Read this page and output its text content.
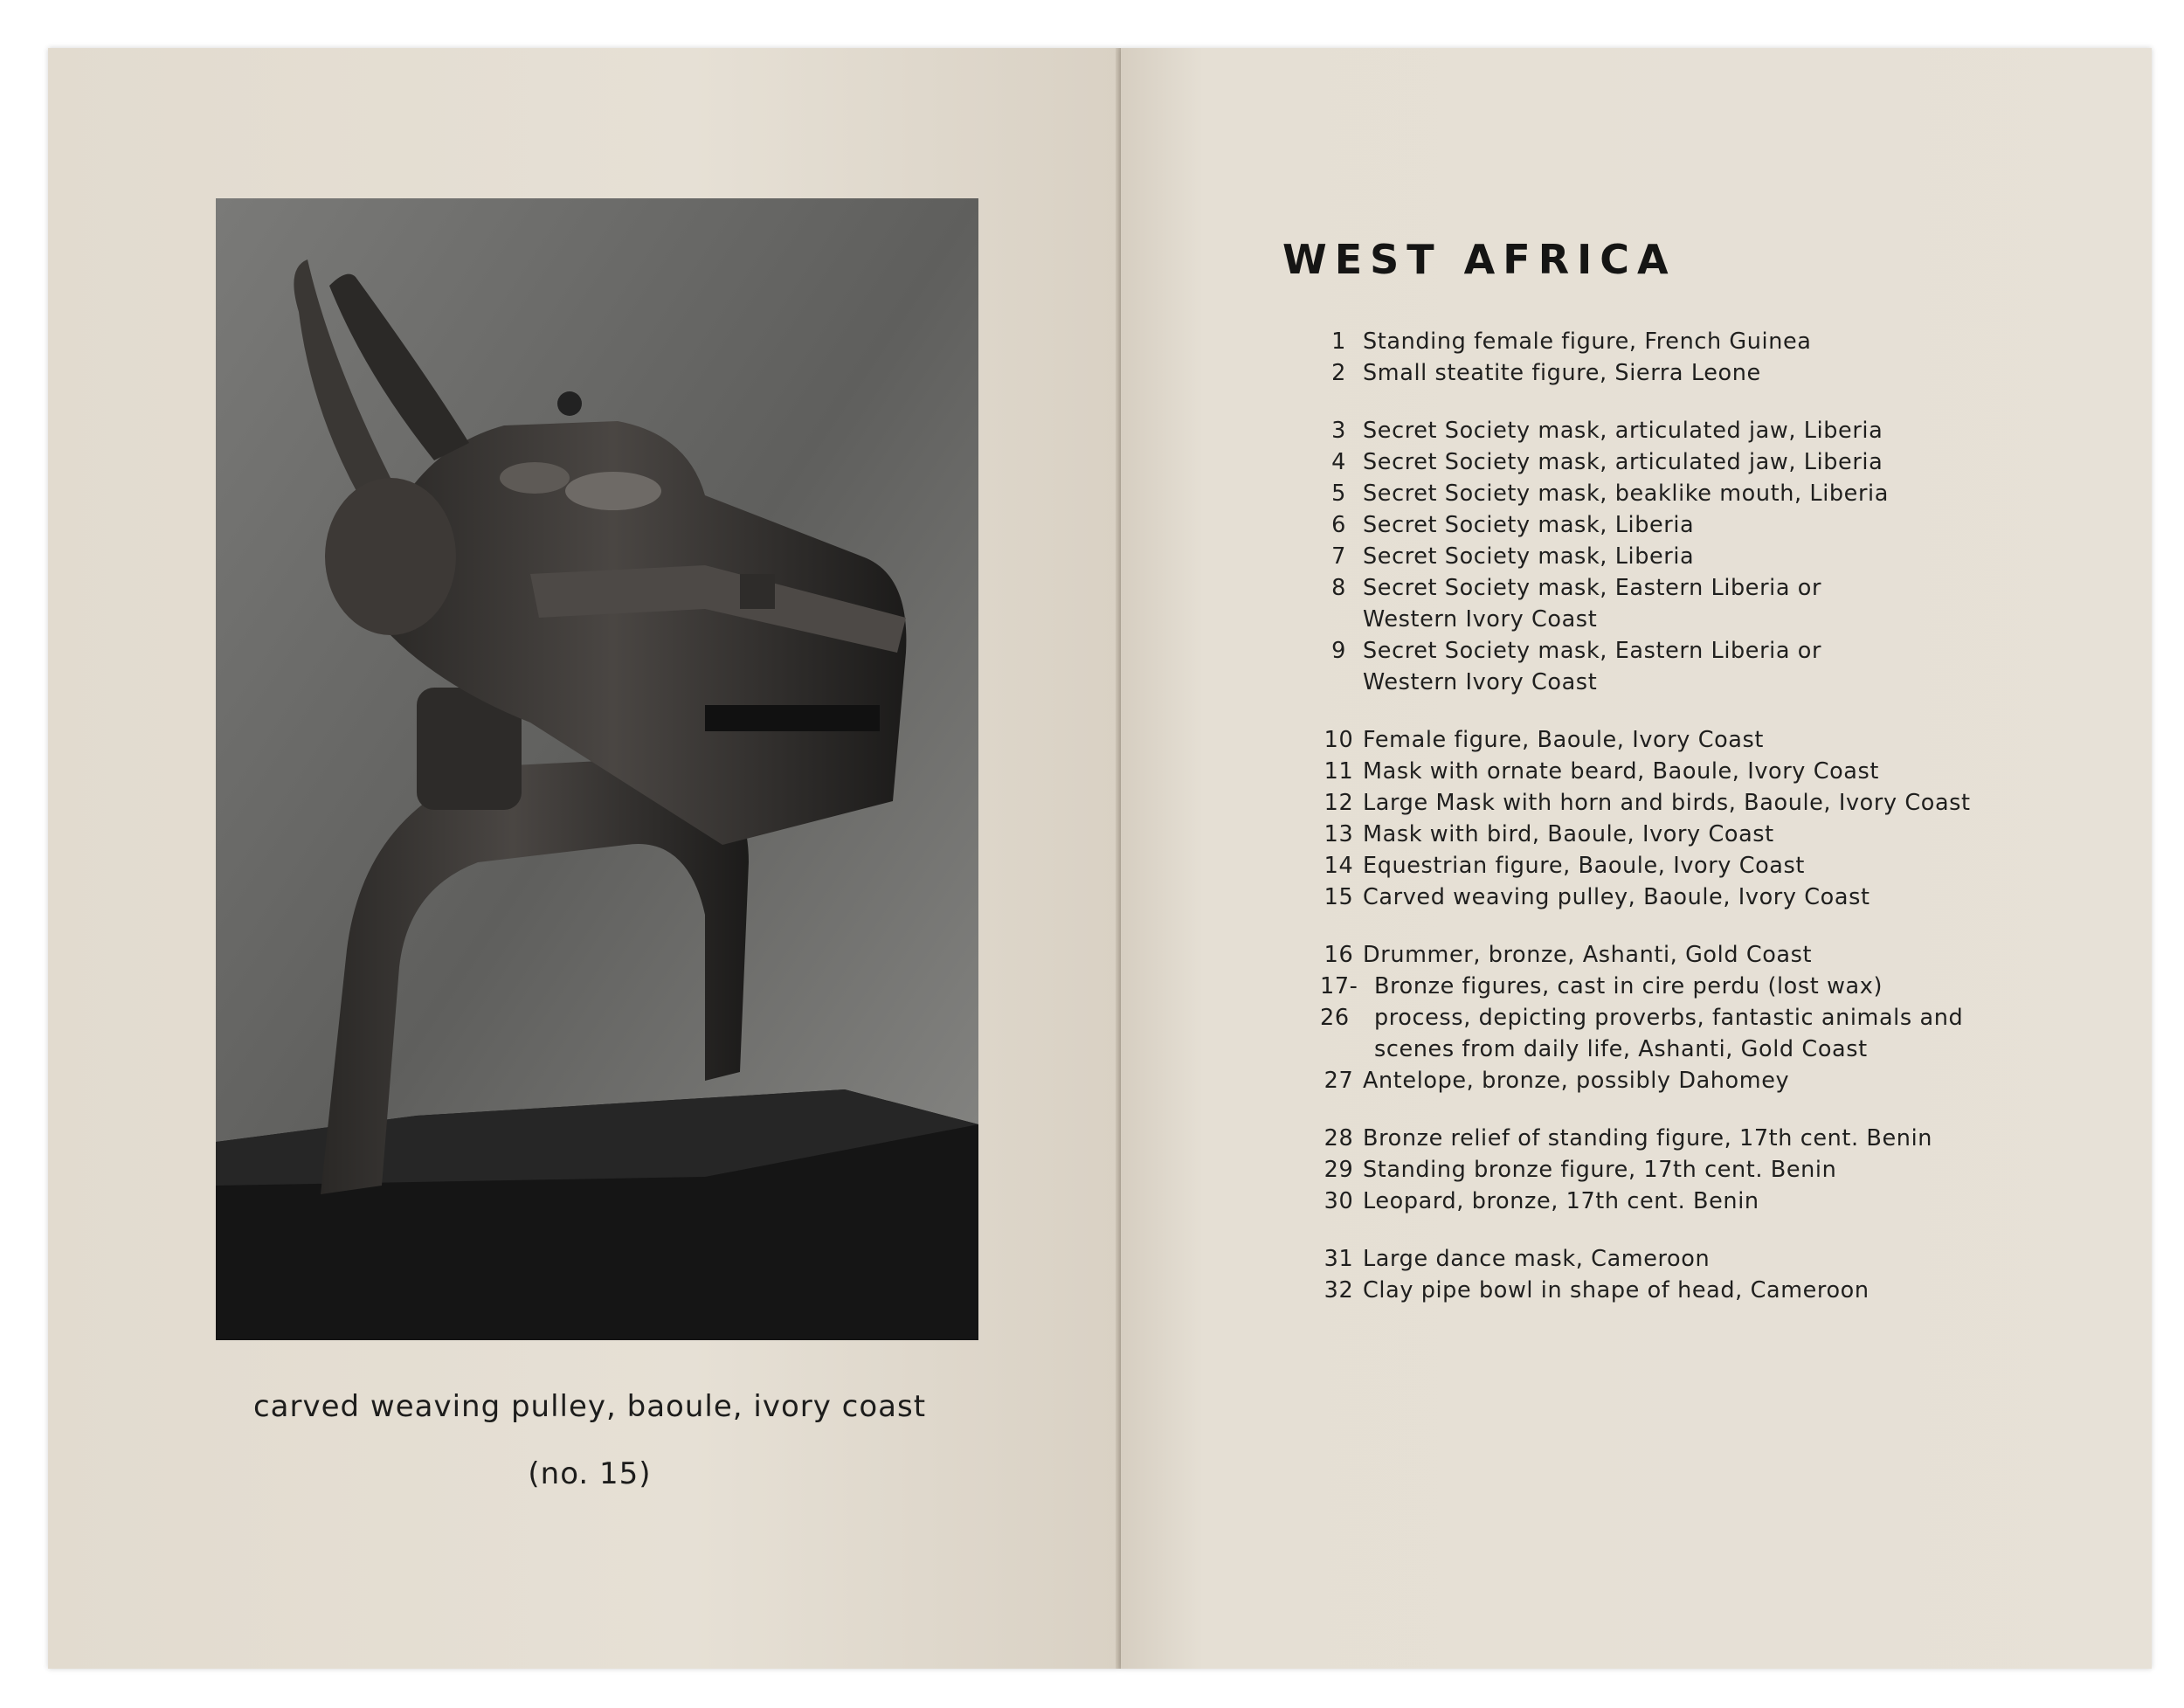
carved weaving pulley, baoule, ivory coast
(no. 15)
WEST AFRICA
1 Standing female figure, French Guinea
2 Small steatite figure, Sierra Leone
3 Secret Society mask, articulated jaw, Liberia
4 Secret Society mask, articulated jaw, Liberia
5 Secret Society mask, beaklike mouth, Liberia
6 Secret Society mask, Liberia
7 Secret Society mask, Liberia
8 Secret Society mask, Eastern Liberia or
Western Ivory Coast
9 Secret Society mask, Eastern Liberia or
Western Ivory Coast
10 Female figure, Baoule, Ivory Coast
11 Mask with ornate beard, Baoule, Ivory Coast
12 Large Mask with horn and birds, Baoule, Ivory Coast
13 Mask with bird, Baoule, Ivory Coast
14 Equestrian figure, Baoule, Ivory Coast
15 Carved weaving pulley, Baoule, Ivory Coast
16 Drummer, bronze, Ashanti, Gold Coast
17-26
Bronze figures, cast in cire perdu (lost wax)
process, depicting proverbs, fantastic animals and
scenes from daily life, Ashanti, Gold Coast
27 Antelope, bronze, possibly Dahomey
28 Bronze relief of standing figure, 17th cent. Benin
29 Standing bronze figure, 17th cent. Benin
30 Leopard, bronze, 17th cent. Benin
31 Large dance mask, Cameroon
32 Clay pipe bowl in shape of head, Cameroon
